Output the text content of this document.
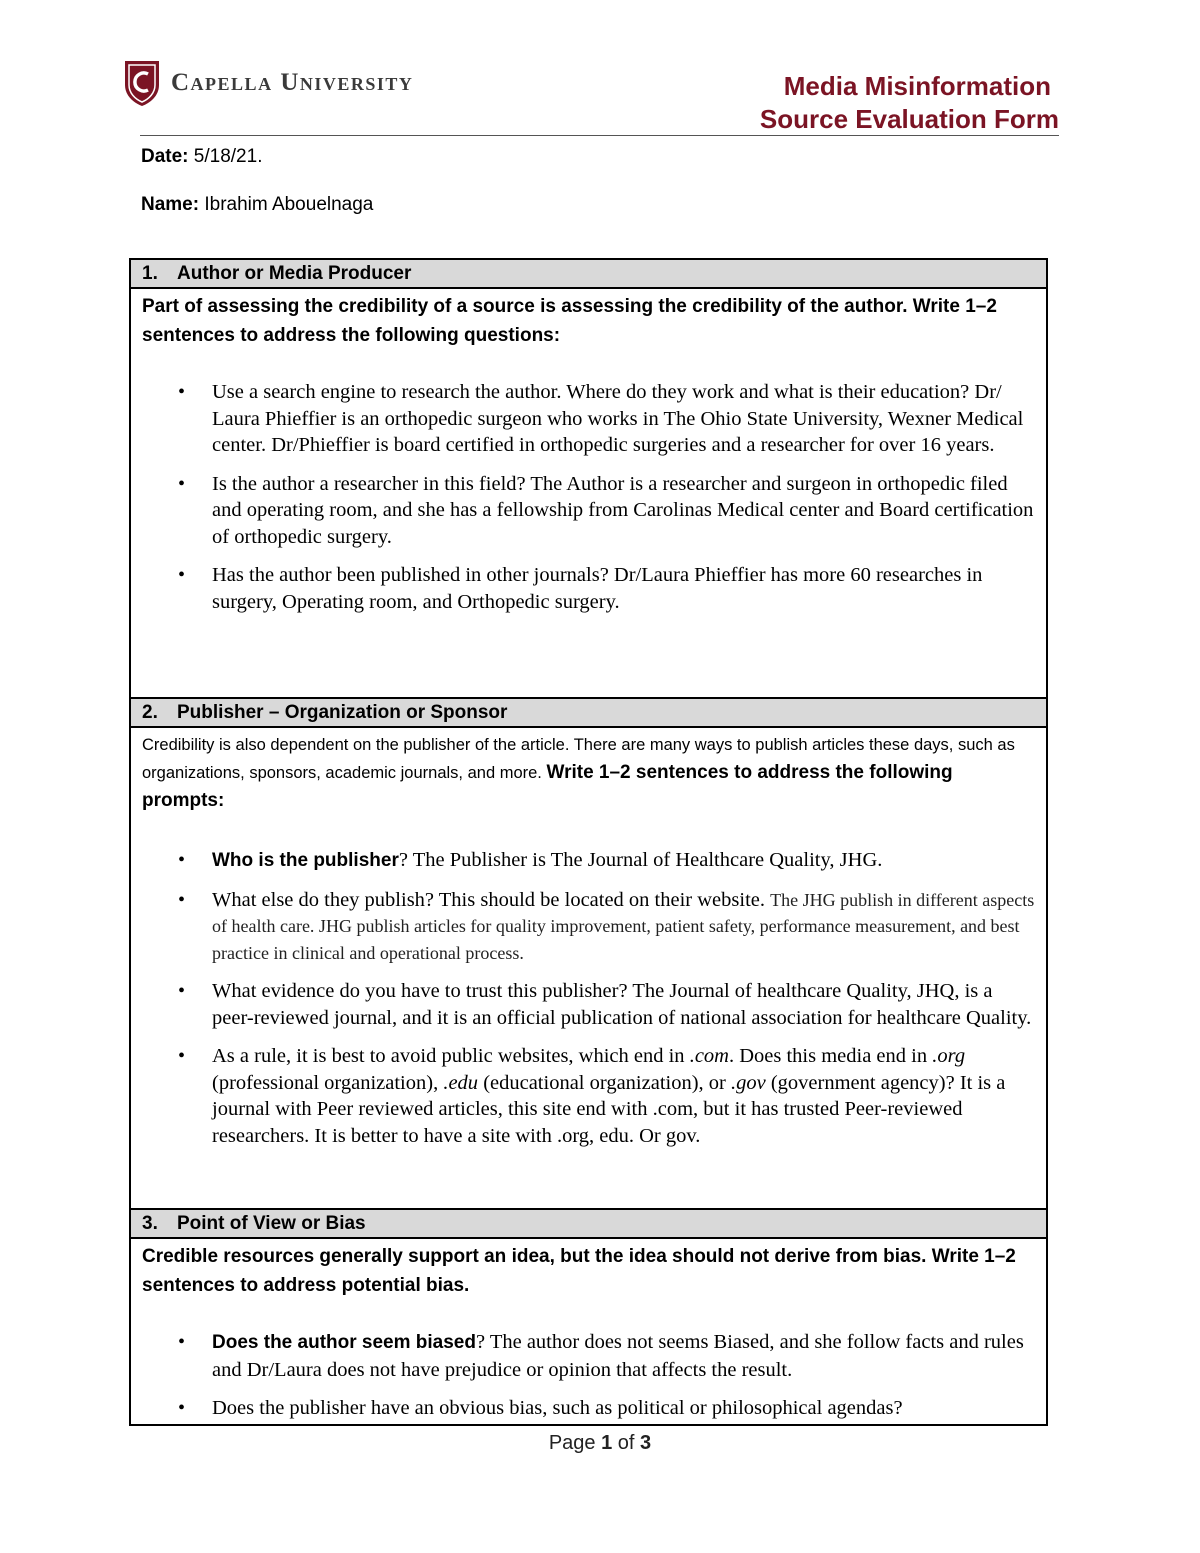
Capella University	Media Misinformation
Source Evaluation Form
Date: 5/18/21.
Name: Ibrahim Abouelnaga
1. Author or Media Producer

Part of assessing the credibility of a source is assessing the credibility of the author. Write 1–2 sentences to address the following questions:
• Use a search engine to research the author. Where do they work and what is their education? Dr/ Laura Phieffier is an orthopedic surgeon who works in The Ohio State University, Wexner Medical center. Dr/Phieffier is board certified in orthopedic surgeries and a researcher for over 16 years.
• Is the author a researcher in this field? The Author is a researcher and surgeon in orthopedic filed and operating room, and she has a fellowship from Carolinas Medical center and Board certification of orthopedic surgery.
• Has the author been published in other journals? Dr/Laura Phieffier has more 60 researches in surgery, Operating room, and Orthopedic surgery.

2. Publisher – Organization or Sponsor

Credibility is also dependent on the publisher of the article. There are many ways to publish articles these days, such as organizations, sponsors, academic journals, and more. Write 1–2 sentences to address the following prompts:
• Who is the publisher? The Publisher is The Journal of Healthcare Quality, JHG.
• What else do they publish? This should be located on their website. The JHG publish in different aspects of health care. JHG publish articles for quality improvement, patient safety, performance measurement, and best practice in clinical and operational process.
• What evidence do you have to trust this publisher? The Journal of healthcare Quality, JHQ, is a peer-reviewed journal, and it is an official publication of national association for healthcare Quality.
• As a rule, it is best to avoid public websites, which end in .com. Does this media end in .org (professional organization), .edu (educational organization), or .gov (government agency)? It is a journal with Peer reviewed articles, this site end with .com, but it has trusted Peer-reviewed researchers. It is better to have a site with .org, edu. Or gov.

3. Point of View or Bias

Credible resources generally support an idea, but the idea should not derive from bias. Write 1–2 sentences to address potential bias.
• Does the author seem biased? The author does not seems Biased, and she follow facts and rules and Dr/Laura does not have prejudice or opinion that affects the result.
• Does the publisher have an obvious bias, such as political or philosophical agendas?
Page 1 of 3
